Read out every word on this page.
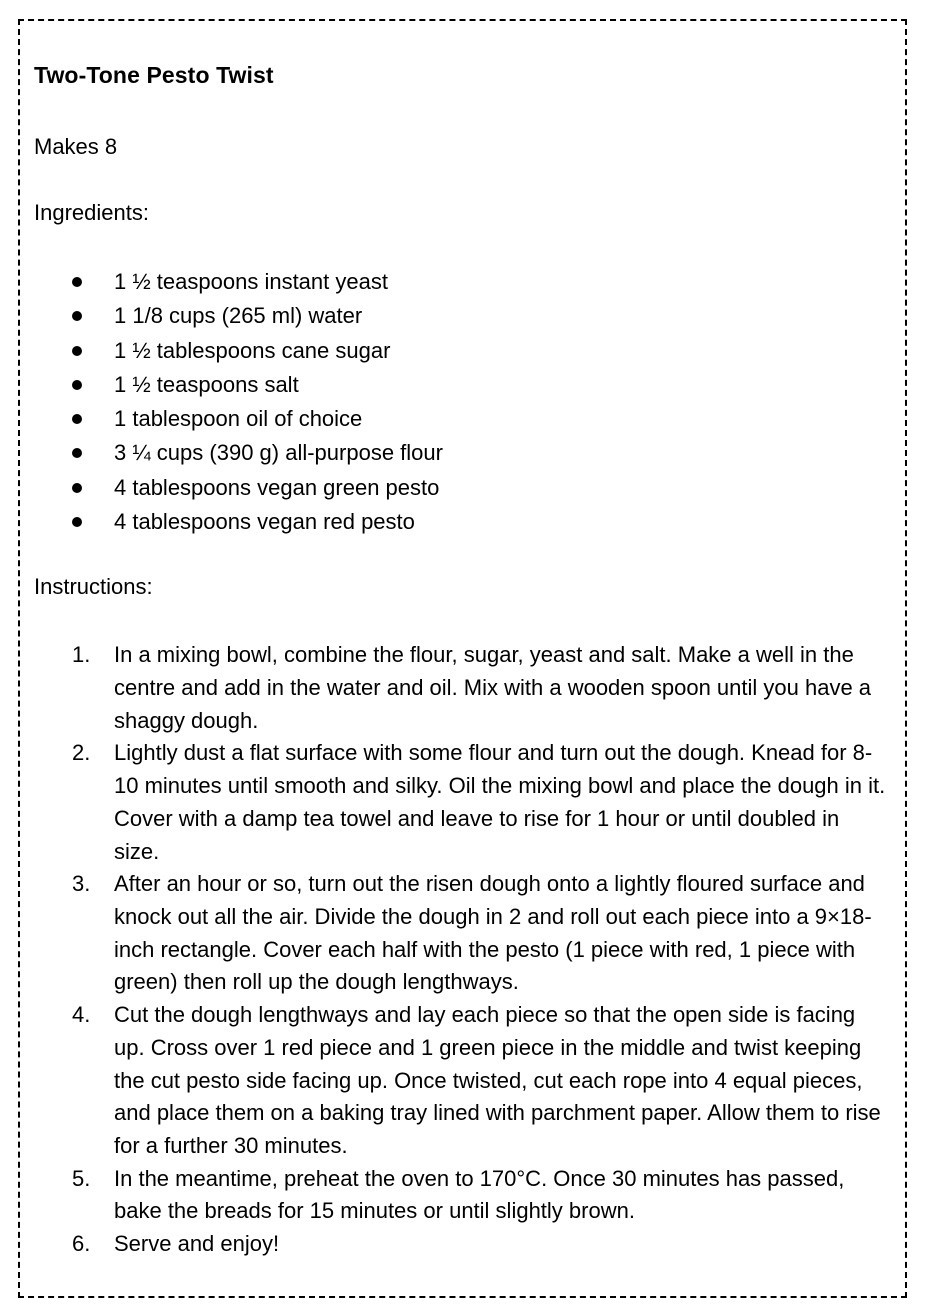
Two-Tone Pesto Twist

Makes 8

Ingredients:

1 ½ teaspoons instant yeast
1 1/8 cups (265 ml) water
1 ½ tablespoons cane sugar
1 ½ teaspoons salt
1 tablespoon oil of choice
3 ¼ cups (390 g) all-purpose flour
4 tablespoons vegan green pesto
4 tablespoons vegan red pesto

Instructions:

1.	In a mixing bowl, combine the flour, sugar, yeast and salt. Make a well in the centre and add in the water and oil. Mix with a wooden spoon until you have a shaggy dough.
2.	Lightly dust a flat surface with some flour and turn out the dough. Knead for 8-10 minutes until smooth and silky. Oil the mixing bowl and place the dough in it. Cover with a damp tea towel and leave to rise for 1 hour or until doubled in size.
3.	After an hour or so, turn out the risen dough onto a lightly floured surface and knock out all the air. Divide the dough in 2 and roll out each piece into a 9×18-inch rectangle. Cover each half with the pesto (1 piece with red, 1 piece with green) then roll up the dough lengthways.
4.	Cut the dough lengthways and lay each piece so that the open side is facing up. Cross over 1 red piece and 1 green piece in the middle and twist keeping the cut pesto side facing up. Once twisted, cut each rope into 4 equal pieces, and place them on a baking tray lined with parchment paper. Allow them to rise for a further 30 minutes.
5.	In the meantime, preheat the oven to 170°C. Once 30 minutes has passed, bake the breads for 15 minutes or until slightly brown.
6.	Serve and enjoy!
